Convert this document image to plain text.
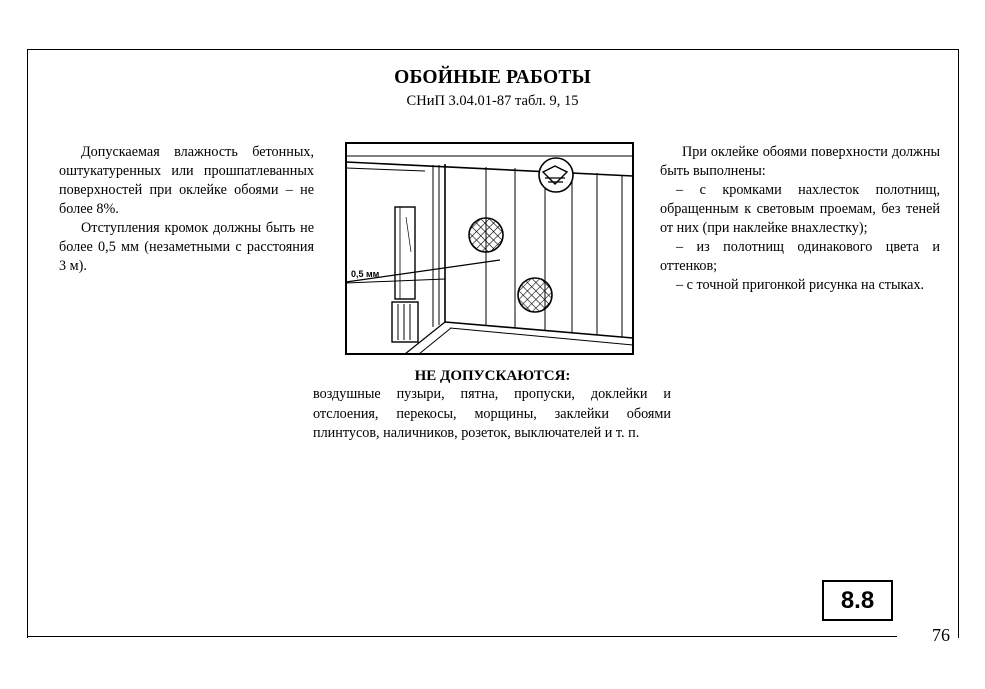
ОБОЙНЫЕ РАБОТЫ
СНиП 3.04.01-87 табл. 9, 15

Допускаемая влажность бетонных, оштукатуренных или прошпатлеванных поверхностей при оклейке обоями – не более 8%.

Отступления кромок должны быть не более 0,5 мм (незаметными с расстояния 3 м).	0,5 мм

При оклейке обоями поверхности должны быть выполнены:

– с кромками нахлесток полотнищ, обращенным к световым проемам, без теней от них (при наклейке внахлестку);

– из полотнищ одинакового цвета и оттенков;

– с точной пригонкой рисунка на стыках.

НЕ ДОПУСКАЮТСЯ:
воздушные пузыри, пятна, пропуски, доклейки и отслоения, перекосы, морщины, заклейки обоями плинтусов, наличников, розеток, выключателей и т. п.
8.8
76
